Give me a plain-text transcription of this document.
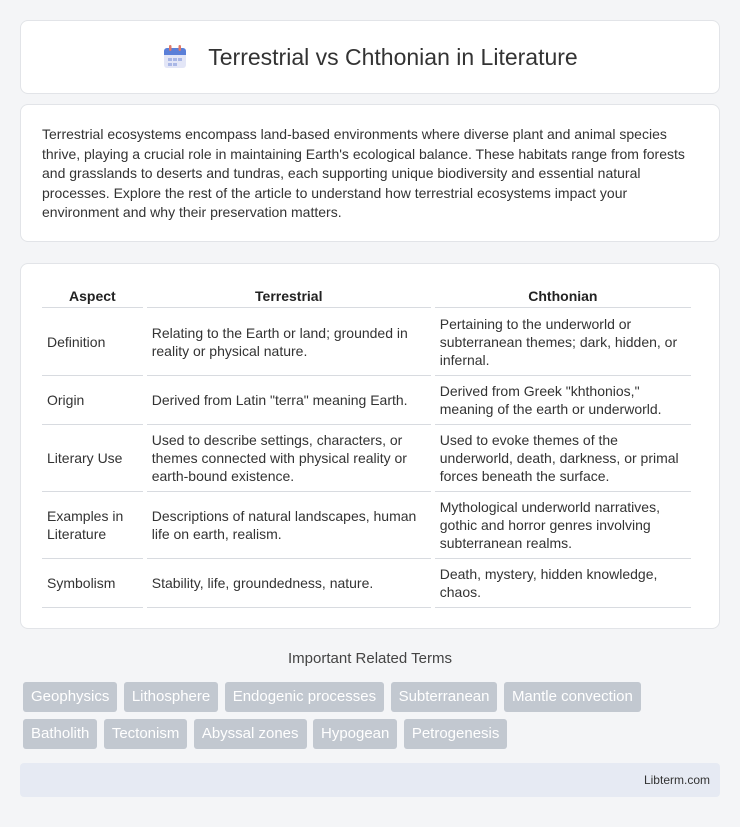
Terrestrial vs Chthonian in Literature

Terrestrial ecosystems encompass land-based environments where diverse plant and animal species thrive, playing a crucial role in maintaining Earth's ecological balance. These habitats range from forests and grasslands to deserts and tundras, each supporting unique biodiversity and essential natural processes. Explore the rest of the article to understand how terrestrial ecosystems impact your environment and why their preservation matters.

Aspect	Terrestrial	Chthonian
Definition	Relating to the Earth or land; grounded in reality or physical nature.	Pertaining to the underworld or subterranean themes; dark, hidden, or infernal.
Origin	Derived from Latin "terra" meaning Earth.	Derived from Greek "khthonios," meaning of the earth or underworld.
Literary Use	Used to describe settings, characters, or themes connected with physical reality or earth-bound existence.	Used to evoke themes of the underworld, death, darkness, or primal forces beneath the surface.
Examples in Literature	Descriptions of natural landscapes, human life on earth, realism.	Mythological underworld narratives, gothic and horror genres involving subterranean realms.
Symbolism	Stability, life, groundedness, nature.	Death, mystery, hidden knowledge, chaos.
Important Related Terms
Geophysics Lithosphere Endogenic processes Subterranean Mantle convection Batholith Tectonism Abyssal zones Hypogean Petrogenesis
Libterm.com
